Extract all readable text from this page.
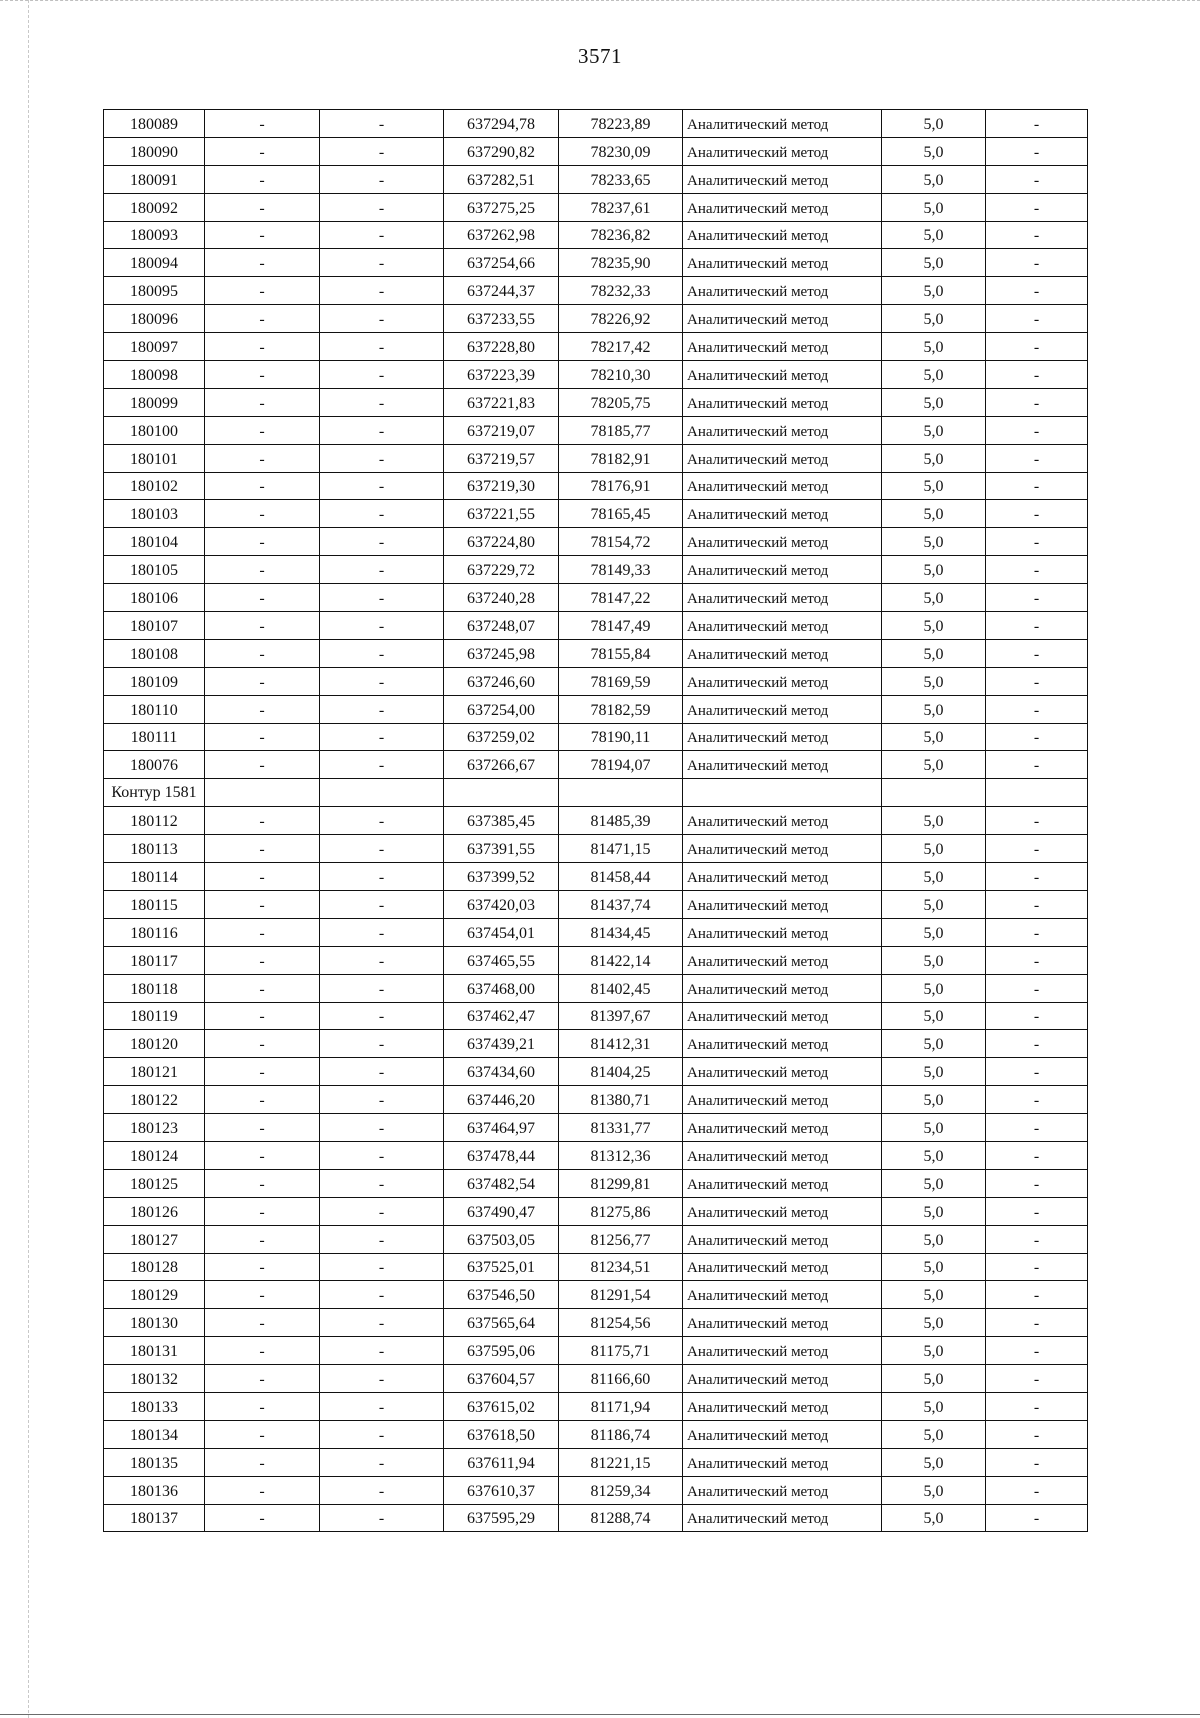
3571
180089	-	-	637294,78	78223,89	Аналитический метод	5,0	-
180090	-	-	637290,82	78230,09	Аналитический метод	5,0	-
180091	-	-	637282,51	78233,65	Аналитический метод	5,0	-
180092	-	-	637275,25	78237,61	Аналитический метод	5,0	-
180093	-	-	637262,98	78236,82	Аналитический метод	5,0	-
180094	-	-	637254,66	78235,90	Аналитический метод	5,0	-
180095	-	-	637244,37	78232,33	Аналитический метод	5,0	-
180096	-	-	637233,55	78226,92	Аналитический метод	5,0	-
180097	-	-	637228,80	78217,42	Аналитический метод	5,0	-
180098	-	-	637223,39	78210,30	Аналитический метод	5,0	-
180099	-	-	637221,83	78205,75	Аналитический метод	5,0	-
180100	-	-	637219,07	78185,77	Аналитический метод	5,0	-
180101	-	-	637219,57	78182,91	Аналитический метод	5,0	-
180102	-	-	637219,30	78176,91	Аналитический метод	5,0	-
180103	-	-	637221,55	78165,45	Аналитический метод	5,0	-
180104	-	-	637224,80	78154,72	Аналитический метод	5,0	-
180105	-	-	637229,72	78149,33	Аналитический метод	5,0	-
180106	-	-	637240,28	78147,22	Аналитический метод	5,0	-
180107	-	-	637248,07	78147,49	Аналитический метод	5,0	-
180108	-	-	637245,98	78155,84	Аналитический метод	5,0	-
180109	-	-	637246,60	78169,59	Аналитический метод	5,0	-
180110	-	-	637254,00	78182,59	Аналитический метод	5,0	-
180111	-	-	637259,02	78190,11	Аналитический метод	5,0	-
180076	-	-	637266,67	78194,07	Аналитический метод	5,0	-
Контур 1581							
180112	-	-	637385,45	81485,39	Аналитический метод	5,0	-
180113	-	-	637391,55	81471,15	Аналитический метод	5,0	-
180114	-	-	637399,52	81458,44	Аналитический метод	5,0	-
180115	-	-	637420,03	81437,74	Аналитический метод	5,0	-
180116	-	-	637454,01	81434,45	Аналитический метод	5,0	-
180117	-	-	637465,55	81422,14	Аналитический метод	5,0	-
180118	-	-	637468,00	81402,45	Аналитический метод	5,0	-
180119	-	-	637462,47	81397,67	Аналитический метод	5,0	-
180120	-	-	637439,21	81412,31	Аналитический метод	5,0	-
180121	-	-	637434,60	81404,25	Аналитический метод	5,0	-
180122	-	-	637446,20	81380,71	Аналитический метод	5,0	-
180123	-	-	637464,97	81331,77	Аналитический метод	5,0	-
180124	-	-	637478,44	81312,36	Аналитический метод	5,0	-
180125	-	-	637482,54	81299,81	Аналитический метод	5,0	-
180126	-	-	637490,47	81275,86	Аналитический метод	5,0	-
180127	-	-	637503,05	81256,77	Аналитический метод	5,0	-
180128	-	-	637525,01	81234,51	Аналитический метод	5,0	-
180129	-	-	637546,50	81291,54	Аналитический метод	5,0	-
180130	-	-	637565,64	81254,56	Аналитический метод	5,0	-
180131	-	-	637595,06	81175,71	Аналитический метод	5,0	-
180132	-	-	637604,57	81166,60	Аналитический метод	5,0	-
180133	-	-	637615,02	81171,94	Аналитический метод	5,0	-
180134	-	-	637618,50	81186,74	Аналитический метод	5,0	-
180135	-	-	637611,94	81221,15	Аналитический метод	5,0	-
180136	-	-	637610,37	81259,34	Аналитический метод	5,0	-
180137	-	-	637595,29	81288,74	Аналитический метод	5,0	-
